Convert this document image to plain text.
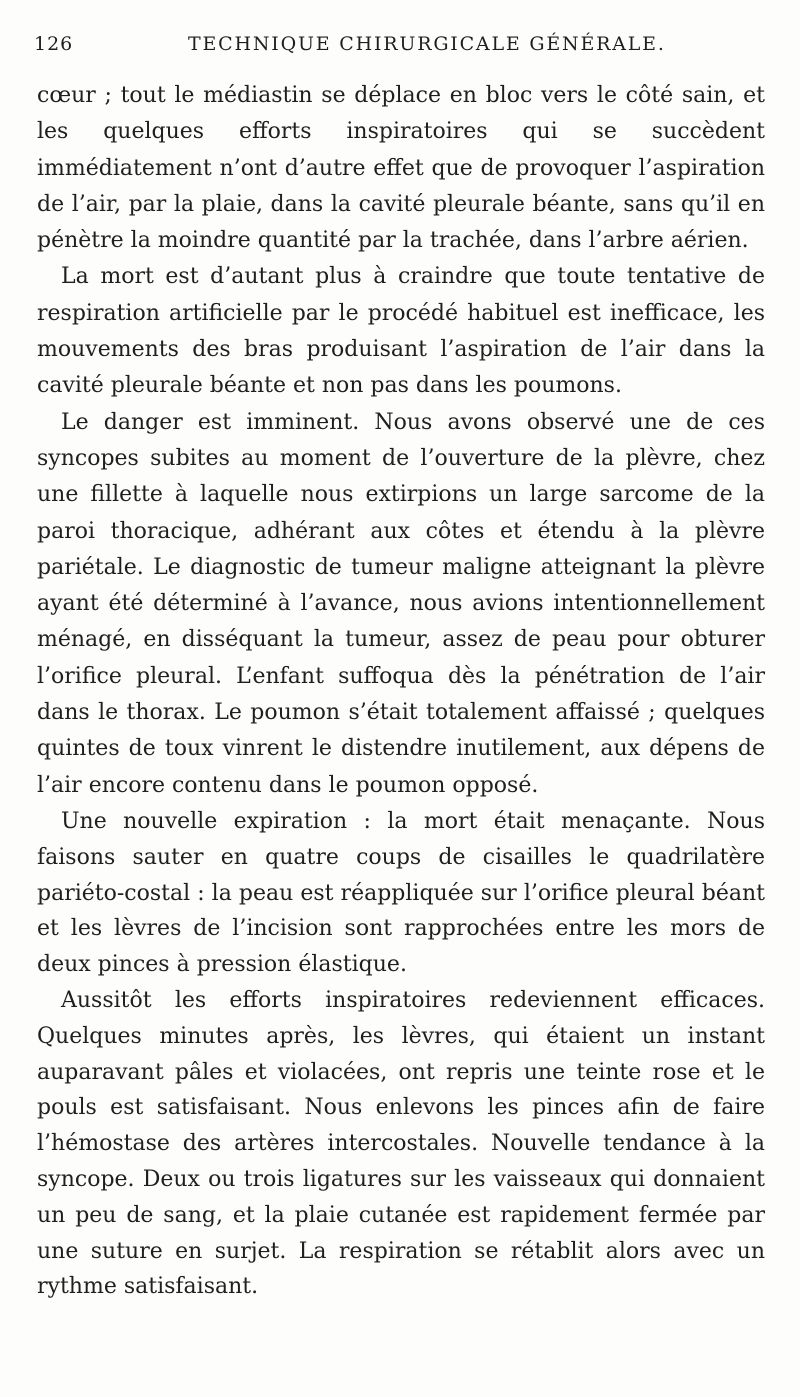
126	TECHNIQUE CHIRURGICALE GÉNÉRALE.

cœur ; tout le médiastin se déplace en bloc vers le côté sain, et les quelques efforts inspiratoires qui se succèdent immédiatement n’ont d’autre effet que de provoquer l’aspiration de l’air, par la plaie, dans la cavité pleurale béante, sans qu’il en pénètre la moindre quantité par la trachée, dans l’arbre aérien.

La mort est d’autant plus à craindre que toute tentative de respiration artificielle par le procédé habituel est inefficace, les mouvements des bras produisant l’aspiration de l’air dans la cavité pleurale béante et non pas dans les poumons.

Le danger est imminent. Nous avons observé une de ces syncopes subites au moment de l’ouverture de la plèvre, chez une fillette à laquelle nous extirpions un large sarcome de la paroi thoracique, adhérant aux côtes et étendu à la plèvre pariétale. Le diagnostic de tumeur maligne atteignant la plèvre ayant été déterminé à l’avance, nous avions intentionnellement ménagé, en disséquant la tumeur, assez de peau pour obturer l’orifice pleural. L’enfant suffoqua dès la pénétration de l’air dans le thorax. Le poumon s’était totalement affaissé ; quelques quintes de toux vinrent le distendre inutilement, aux dépens de l’air encore contenu dans le poumon opposé.

Une nouvelle expiration : la mort était menaçante. Nous faisons sauter en quatre coups de cisailles le quadrilatère pariéto-costal : la peau est réappliquée sur l’orifice pleural béant et les lèvres de l’incision sont rapprochées entre les mors de deux pinces à pression élastique.

Aussitôt les efforts inspiratoires redeviennent efficaces. Quelques minutes après, les lèvres, qui étaient un instant auparavant pâles et violacées, ont repris une teinte rose et le pouls est satisfaisant. Nous enlevons les pinces afin de faire l’hémostase des artères intercostales. Nouvelle tendance à la syncope. Deux ou trois ligatures sur les vaisseaux qui donnaient un peu de sang, et la plaie cutanée est rapidement fermée par une suture en surjet. La respiration se rétablit alors avec un rythme satisfaisant.
